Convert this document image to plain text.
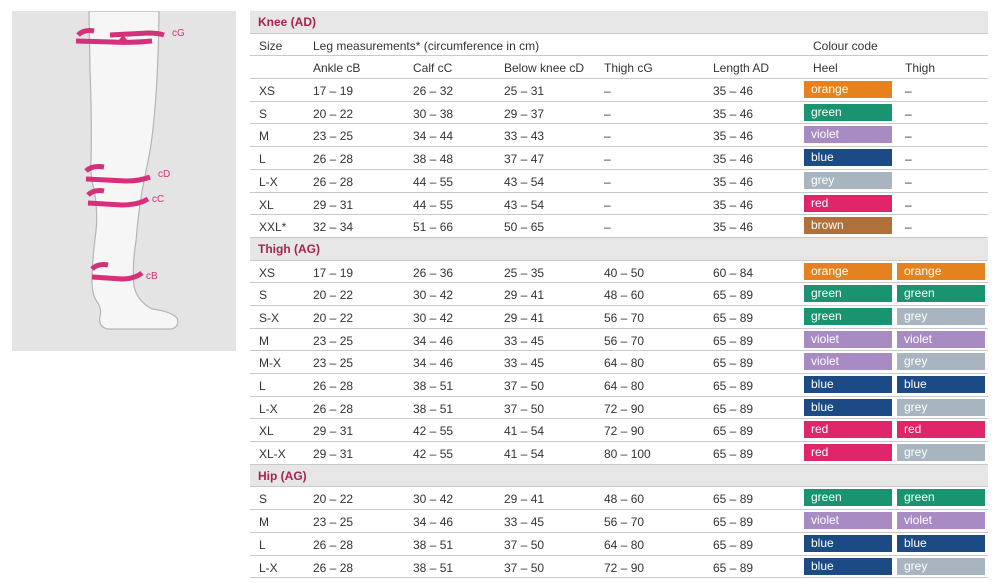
cG
cD
cC
cB
Knee (AD)
Size	Leg measurements* (circumference in cm)	Colour code
Ankle cB	Calf cC	Below knee cD Thigh cG	Length AD	Heel	Thigh
XS	17 – 19	26 – 32	25 – 31	–	35 – 46	orange	–
S	20 – 22	30 – 38	29 – 37	–	35 – 46	green	–
M	23 – 25	34 – 44	33 – 43	–	35 – 46	violet	–
L	26 – 28	38 – 48	37 – 47	–	35 – 46	blue	–
L-X	26 – 28	44 – 55	43 – 54	–	35 – 46	grey	–
XL	29 – 31	44 – 55	43 – 54	–	35 – 46	red	–
XXL* 32 – 34	51 – 66	50 – 65	–	35 – 46	brown	–
Thigh (AG)
XS	17 – 19	26 – 36	25 – 35	40 – 50	60 – 84	orange	orange
S	20 – 22	30 – 42	29 – 41	48 – 60	65 – 89	green	green
S-X	20 – 22	30 – 42	29 – 41	56 – 70	65 – 89	green	grey
M	23 – 25	34 – 46	33 – 45	56 – 70	65 – 89	violet	violet
M-X	23 – 25	34 – 46	33 – 45	64 – 80	65 – 89	violet	grey
L	26 – 28	38 – 51	37 – 50	64 – 80	65 – 89	blue	blue
L-X	26 – 28	38 – 51	37 – 50	72 – 90	65 – 89	blue	grey
XL	29 – 31	42 – 55	41 – 54	72 – 90	65 – 89	red	red
XL-X 29 – 31	42 – 55	41 – 54	80 – 100	65 – 89	red	grey
Hip (AG)
S	20 – 22	30 – 42	29 – 41	48 – 60	65 – 89	green	green
M	23 – 25	34 – 46	33 – 45	56 – 70	65 – 89	violet	violet
L	26 – 28	38 – 51	37 – 50	64 – 80	65 – 89	blue	blue
L-X	26 – 28	38 – 51	37 – 50	72 – 90	65 – 89	blue	grey
